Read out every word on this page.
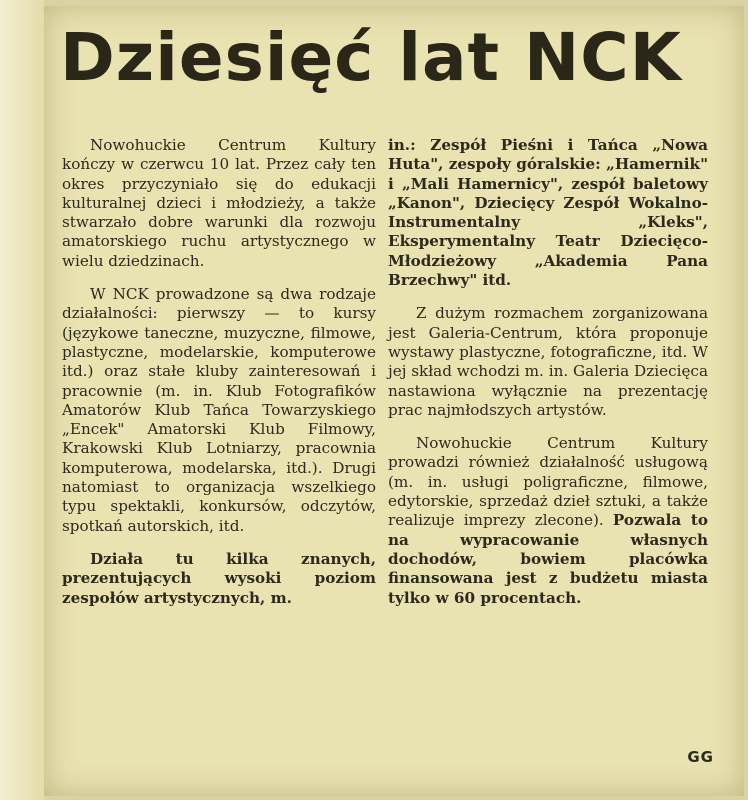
Dziesięć lat NCK

Nowohuckie Centrum Kultury kończy w czerwcu 10 lat. Przez cały ten okres przyczyniało się do edukacji kulturalnej dzieci i młodzieży, a także stwarzało dobre warunki dla rozwoju amatorskiego ruchu artystycznego w wielu dziedzinach.

W NCK prowadzone są dwa rodzaje działalności: pierwszy — to kursy (językowe taneczne, muzyczne, filmowe, plastyczne, modelarskie, komputerowe itd.) oraz stałe kluby zainteresowań i pracownie (m. in. Klub Fotografików Amatorów Klub Tańca Towarzyskiego „Encek" Amatorski Klub Filmowy, Krakowski Klub Lotniarzy, pracownia komputerowa, modelarska, itd.). Drugi natomiast to organizacja wszelkiego typu spektakli, konkursów, odczytów, spotkań autorskich, itd.

Działa tu kilka znanych, prezentujących wysoki poziom zespołów artystycznych, m.

in.: Zespół Pieśni i Tańca „Nowa Huta", zespoły góralskie: „Hamernik" i „Mali Hamernicy", zespół baletowy „Kanon", Dziecięcy Zespół Wokalno-Instrumentalny „Kleks", Eksperymentalny Teatr Dziecięco-Młodzieżowy „Akademia Pana Brzechwy" itd.

Z dużym rozmachem zorganizowana jest Galeria-Centrum, która proponuje wystawy plastyczne, fotograficzne, itd. W jej skład wchodzi m. in. Galeria Dziecięca nastawiona wyłącznie na prezentację prac najmłodszych artystów.

Nowohuckie Centrum Kultury prowadzi również działalność usługową (m. in. usługi poligraficzne, filmowe, edytorskie, sprzedaż dzieł sztuki, a także realizuje imprezy zlecone). Pozwala to na wypracowanie własnych dochodów, bowiem placówka finansowana jest z budżetu miasta tylko w 60 procentach.

GG
